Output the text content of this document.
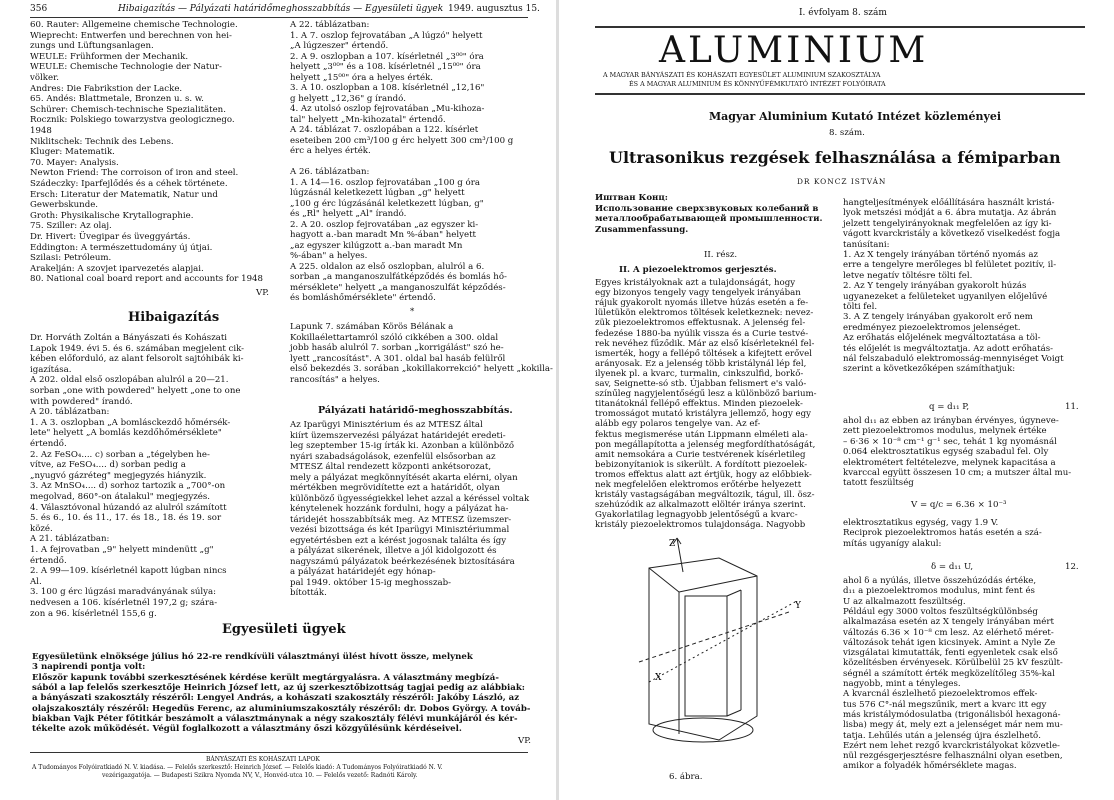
356	Hibaigazítás — Pályázati határidőmeghosszabbítás — Egyesületi ügyek 1949. augusztus 15.
60. Rauter: Allgemeine chemische Technologie.
Wieprecht: Entwerfen und berechnen von hei-
zungs und Lüftungsanlagen.
WEULE: Frühformen der Mechanik.
WEULE: Chemische Technologie der Natur-
völker.
Andres: Die Fabrikstion der Lacke.
65. Andés: Blattmetale, Bronzen u. s. w.
Schürer: Chemisch-technische Spezialitäten.
Rocznik: Polskiego towarzystva geologicznego.
1948
Niklitschek: Technik des Lebens.
Kluger: Matematik.
70. Mayer: Analysis.
Newton Friend: The corroison of iron and steel.
Szádeczky: Iparfejlődés és a céhek története.
Ersch: Literatur der Matematik, Natur und
Gewerbskunde.
Groth: Physikalische Krytallographie.
75. Sziller: Az olaj.
Dr. Hivert: Üvegipar és üveggyártás.
Eddington: A természettudomány új útjai.
Szilasi: Petróleum.
Arakelján: A szovjet iparvezetés alapjai.
80. National coal board report and accounts for 1948
VP.
Hibaigazítás
Dr. Horváth Zoltán a Bányászati és Kohászati
Lapok 1949. évi 5. és 6. számában megjelent cik-
kében előforduló, az alant felsorolt sajtóhibák ki-
igazítása.
A 202. oldal első oszlopában alulról a 20—21.
sorban „one with powdered" helyett „one to one
with powdered" írandó.
A 20. táblázatban:
1. A 3. oszlopban „A bomlásckezdő hőmérsék-
lete" helyett „A bomlás kezdőhőmérséklete"
értendő.
2. Az FeSO₄.... c) sorban a „tégelyben he-
vítve, az FeSO₄.... d) sorban pedig a
„nyugvó gázréteg" megjegyzés hiányzik.
3. Az MnSO₄.... d) sorhoz tartozik a „700°-on
megolvad, 860°-on átalakul" megjegyzés.
4. Választóvonal húzandó az alulról számított
5. és 6., 10. és 11., 17. és 18., 18. és 19. sor
közé.
A 21. táblázatban:
1. A fejrovatban „9" helyett mindenütt „g"
értendő.
2. A 99—109. kísérletnél kapott lúgban nincs
Al.
3. 100 g érc lúgzási maradványának súlya:
nedvesen a 106. kísérletnél 197,2 g; szára-
zon a 96. kísérletnél 155,6 g.
A 22. táblázatban:
1. A 7. oszlop fejrovatában „A lúgzó" helyett
„A lúgzeszer" értendő.
2. A 9. oszlopban a 107. kísérletnél „3⁰⁰" óra
helyett „3⁰⁰" és a 108. kísérletnél „15⁰⁰" óra
helyett „15⁰⁰" óra a helyes érték.
3. A 10. oszlopban a 108. kísérletnél „12,16"
g helyett „12,36" g írandó.
4. Az utolsó oszlop fejrovatában „Mu-kihoza-
tal" helyett „Mn-kihozatal" értendő.
A 24. táblázat 7. oszlopában a 122. kísérlet
eseteiben 200 cm³/100 g érc helyett 300 cm³/100 g
érc a helyes érték.
A 26. táblázatban:
1. A 14—16. oszlop fejrovatában „100 g óra
lúgzásnál keletkezett lúgban „g" helyett
„100 g érc lúgzásánál keletkezett lúgban, g"
és „Rl" helyett „Al" írandó.
2. A 20. oszlop fejrovatában „az egyszer ki-
hagyott a.-ban maradt Mn %-ában" helyett
„az egyszer kilúgzott a.-ban maradt Mn
%-ában" a helyes.
A 225. oldalon az első oszlopban, alulról a 6.
sorban „a manganoszulfátképződés és bomlás hő-
mérséklete" helyett „a manganoszulfát képződés-
és bomláshőmérséklete" értendő.
*
Lapunk 7. számában Körös Bélának a
Kokillaélettartamról szóló cikkében a 300. oldal
jobb hasáb alulról 7. sorban „korrigálást" szó he-
lyett „rancosítást". A 301. oldal bal hasáb felülről
első bekezdés 3. sorában „kokillakorrekció" helyett „kokilla-
rancosítás" a helyes.
Pályázati határidő-meghosszabbítás.
Az Iparügyi Minisztérium és az MTESZ által
kiírt üzemszervezési pályázat határidejét eredeti-
leg szeptember 15-ig írták ki. Azonban a különböző
nyári szabadságolások, ezenfelül elsősorban az
MTESZ által rendezett központi ankétsorozat,
mely a pályázat megkönnyítését akarta elérni, olyan
mértékben megrövidítette ezt a határidőt, olyan
különböző ügyességiekkel lehet azzal a kéréssel voltak
kénytelenek hozzánk fordulni, hogy a pályázat ha-
táridejét hosszabbítsák meg. Az MTESZ üzemszer-
vezési bizottsága és két Iparügyi Minisztériummal
egyetértésben ezt a kérést jogosnak találta és így
a pályázat sikerének, illetve a jól kidolgozott és
nagyszámú pályázatok beérkezésének biztosítására
a pályázat határidejét egy hónap-
pal 1949. október 15-ig meghosszab-
bították.
Egyesületi ügyek
Egyesületünk elnöksége július hó 22-re rendkívüli választmányi ülést hívott össze, melynek
3 napirendi pontja volt:
Először kapunk további szerkesztésének kérdése került megtárgyalásra. A választmány megbízá-
sából a lap felelős szerkesztője Heinrich József lett, az új szerkesztőbizottság tagjai pedig az alábbiak:
a bányászati szakosztály részéről: Lengyel András, a kohászati szakosztály részéről: Jakóby László, az
olajszakosztály részéről: Hegedüs Ferenc, az aluminiumszakosztály részéről: dr. Dobos György. A továb-
biakban Vajk Péter főtitkár beszámolt a választmánynak a négy szakosztály félévi munkájáról és kér-
tékelte azok működését. Végül foglalkozott a választmány őszi közgyűlésünk kérdéseivel.
VP.
BÁNYÁSZATI ÉS KOHÁSZATI LAPOK
A Tudományos Folyóiratkiadó N. V. kiadása. — Felelős szerkesztő: Heinrich József. — Felelős kiadó: A Tudományos Folyóiratkiadó N. V.
vezérigazgatója. — Budapesti Szikra Nyomda NV, V., Honvéd-utca 10. — Felelős vezető: Radnóti Károly.
I. évfolyam 8. szám
ALUMINIUM
A MAGYAR BÁNYÁSZATI ÉS KOHÁSZATI EGYESÜLET ALUMINIUM SZAKOSZTÁLYA
ÉS A MAGYAR ALUMINIUM ÉS KÖNNYŰFÉMKUTATÓ INTÉZET FOLYÓIRATA
Magyar Aluminium Kutató Intézet közleményei
8. szám.
Ultrasonikus rezgések felhasználása a fémiparban
DR KONCZ ISTVÁN
Иштван Конц:
Использование сверхзвуковых колебаний в
металлообрабатывающей промышленности.
Zusammenfassung.
II. rész.
II. A piezoelektromos gerjesztés.
Egyes kristályoknak azt a tulajdonságát, hogy
egy bizonyos tengely vagy tengelyek irányában
rájuk gyakorolt nyomás illetve húzás esetén a fe-
lületükön elektromos töltések keletkeznek: nevez-
zük piezoelektromos effektusnak. A jelenség fel-
fedezése 1880-ba nyúlik vissza és a Curie testvé-
rek nevéhez fűződik. Már az első kísérleteknél fel-
ismerték, hogy a fellépő töltések a kifejtett erővel
arányosak. Ez a jelenség több kristálynál lép fel,
ilyenek pl. a kvarc, turmalin, cinkszulfid, borkő-
sav, Seignette-só stb. Újabban felismert e's való-
színűleg nagyjelentőségű lesz a különböző barium-
titanátoknál fellépő effektus. Minden piezoelek-
tromosságot mutató kristályra jellemző, hogy egy
alább egy polaros tengelye van. Az ef-
fektus megismerése után Lippmann elméleti ala-
pon megállapította a jelenség megfordíthatóságát,
amit nemsokára a Curie testvérenek kísérletileg
bebizonyítaniok is sikerült. A fordított piezoelek-
tromos effektus alatt azt értjük, hogy az előbbiek-
nek megfelelően elektromos erőtérbe helyezett
kristály vastagságában megváltozik, tágul, ill. ösz-
szehúzódik az alkalmazott elöltér iránya szerint.
Gyakorlatilag legnagyobb jelentőségű a kvarc-
kristály piezoelektromos tulajdonsága. Nagyobb
Z
X
Y
6. ábra.
hangteljesítmények előállítására használt kristá-
lyok metszési módját a 6. ábra mutatja. Az ábrán
jelzett tengelyirányoknak megfelelően az így ki-
vágott kvarckristály a következő viselkedést fogja
tanúsítani:
1. Az X tengely irányában történő nyomás az
erre a tengelyre merőleges bl felületet pozitív, il-
letve negatív töltésre tölti fel.
2. Az Y tengely irányában gyakorolt húzás
ugyanezeket a felületeket ugyanilyen előjelűvé
tölti fel.
3. A Z tengely irányában gyakorolt erő nem
eredményez piezoelektromos jelenséget.
Az erőhatás előjelének megváltoztatása a töl-
tés előjelét is megváltoztatja. Az adott erőhatás-
nál felszabaduló elektromosság-mennyiséget Voigt
szerint a következőképen számíthatjuk:
q = d₁₁ P,	11.
ahol d₁₁ az ebben az irányban érvényes, úgyneve-
zett piezoelektromos modulus, melynek értéke
– 6·36 × 10⁻⁸ cm⁻¹ g⁻¹ sec, tehát 1 kg nyomásnál
0.064 elektrosztatikus egység szabadul fel. Oly
elektrométert feltételezve, melynek kapacitása a
kvarccal együtt összesen 10 cm; a mutszer által mu-
tatott feszültség
V = q/c = 6.36 × 10⁻³
elektrosztatikus egység, vagy 1.9 V.
Reciprok piezoelektromos hatás esetén a szá-
mítás ugyanígy alakul:
δ = d₁₁ U,	12.
ahol δ a nyúlás, illetve összehúzódás értéke,
d₁₁ a piezoelektromos modulus, mint fent és
U az alkalmazott feszültség.
Például egy 3000 voltos feszültségkülönbség
alkalmazása esetén az X tengely irányában mért
változás 6.36 × 10⁻⁸ cm lesz. Az elérhető méret-
változások tehát igen kicsinyek. Amint a Nyle Ze
vizsgálatai kimutatták, fenti egyenletek csak első
közelítésben érvényesek. Körülbelül 25 kV feszült-
ségnél a számított érték megközelítőleg 35%-kal
nagyobb, mint a tényleges.
A kvarcnál észlelhető piezoelektromos effek-
tus 576 C°-nál megszűnik, mert a kvarc itt egy
más kristálymódosulatba (trigonálisból hexagoná-
lisba) megy át, mely ezt a jelenséget már nem mu-
tatja. Lehűlés után a jelenség újra észlelhető.
Ezért nem lehet rezgő kvarckristályokat közvetle-
nül rezgésgerjesztésre felhasználni olyan esetben,
amikor a folyadék hőmérséklete magas.
